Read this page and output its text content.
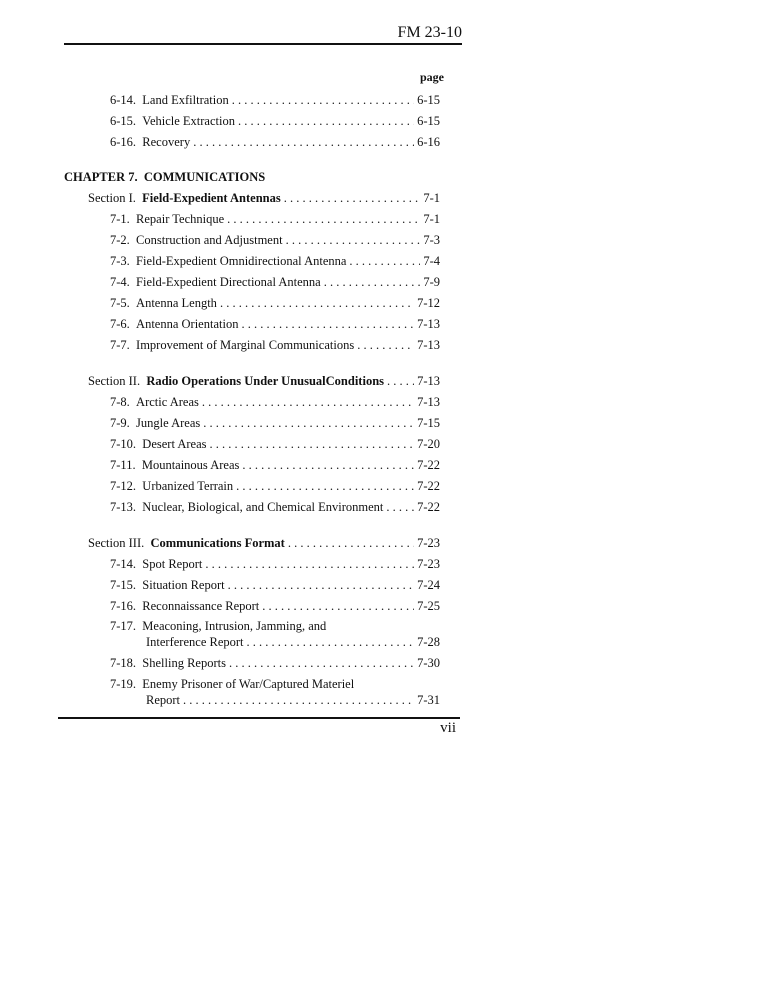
FM 23-10
page
6-14. Land Exfiltration . . .	6-15
6-15. Vehicle Extraction . . .	6-15
6-16. Recovery . . .	6-16
CHAPTER 7. COMMUNICATIONS
Section I. Field-Expedient Antennas . . .	7-1
7-1. Repair Technique . . .	7-1
7-2. Construction and Adjustment . . .	7-3
7-3. Field-Expedient Omnidirectional Antenna . . .	7-4
7-4. Field-Expedient Directional Antenna . . .	7-9
7-5. Antenna Length . . .	7-12
7-6. Antenna Orientation . . .	7-13
7-7. Improvement of Marginal Communications . . .	7-13
Section II. Radio Operations Under UnusualConditions . . .	7-13
7-8. Arctic Areas . . .	7-13
7-9. Jungle Areas . . .	7-15
7-10. Desert Areas . . .	7-20
7-11. Mountainous Areas . . .	7-22
7-12. Urbanized Terrain . . .	7-22
7-13. Nuclear, Biological, and Chemical Environment . . .	7-22
Section III. Communications Format . . .	7-23
7-14. Spot Report . . .	7-23
7-15. Situation Report . . .	7-24
7-16. Reconnaissance Report . . .	7-25
7-17. Meaconing, Intrusion, Jamming, and
Interference Report . . .	7-28
7-18. Shelling Reports . . .	7-30
7-19. Enemy Prisoner of War/Captured Materiel
Report . . .	7-31
vii
